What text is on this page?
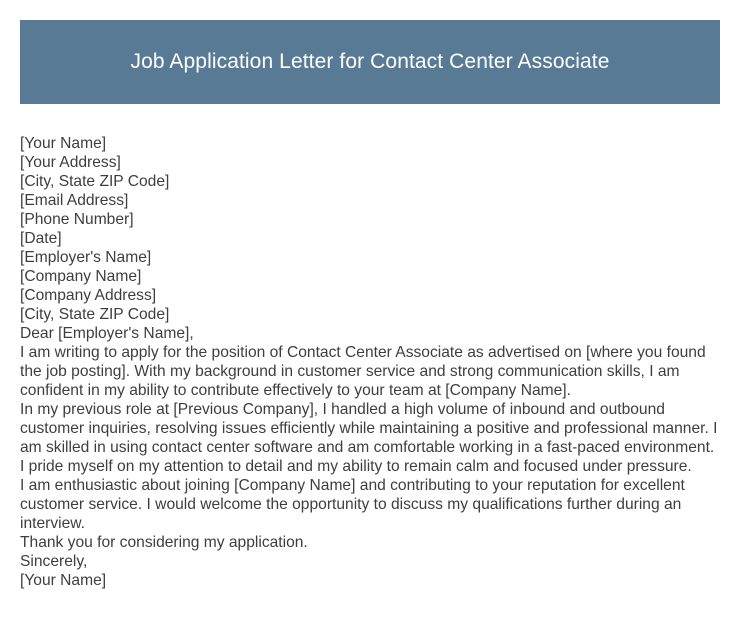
Job Application Letter for Contact Center Associate
[Your Name]
[Your Address]
[City, State ZIP Code]
[Email Address]
[Phone Number]
[Date]
[Employer's Name]
[Company Name]
[Company Address]
[City, State ZIP Code]
Dear [Employer's Name],
I am writing to apply for the position of Contact Center Associate as advertised on [where you found the job posting]. With my background in customer service and strong communication skills, I am confident in my ability to contribute effectively to your team at [Company Name].
In my previous role at [Previous Company], I handled a high volume of inbound and outbound customer inquiries, resolving issues efficiently while maintaining a positive and professional manner. I am skilled in using contact center software and am comfortable working in a fast-paced environment. I pride myself on my attention to detail and my ability to remain calm and focused under pressure.
I am enthusiastic about joining [Company Name] and contributing to your reputation for excellent customer service. I would welcome the opportunity to discuss my qualifications further during an interview.
Thank you for considering my application.
Sincerely,
[Your Name]
